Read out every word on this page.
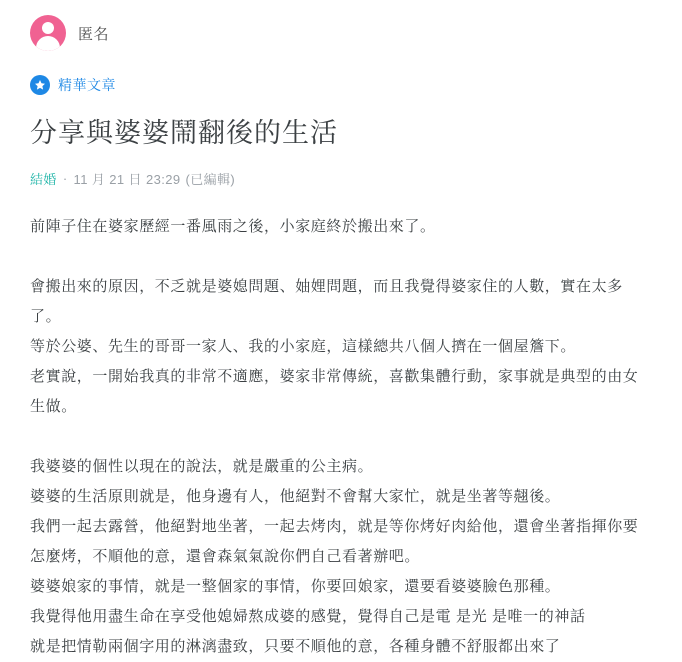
匿名
精華文章
分享與婆婆鬧翻後的生活
結婚 · 11 月 21 日 23:29 (已編輯)

前陣子住在婆家歷經一番風雨之後，小家庭終於搬出來了。

會搬出來的原因，不乏就是婆媳問題、妯娌問題，而且我覺得婆家住的人數，實在太多了。

等於公婆、先生的哥哥一家人、我的小家庭，這樣總共八個人擠在一個屋簷下。

老實說，一開始我真的非常不適應，婆家非常傳統，喜歡集體行動，家事就是典型的由女生做。

我婆婆的個性以現在的說法，就是嚴重的公主病。

婆婆的生活原則就是，他身邊有人，他絕對不會幫大家忙，就是坐著等翹後。

我們一起去露營，他絕對地坐著，一起去烤肉，就是等你烤好肉給他，還會坐著指揮你要怎麼烤，不順他的意，還會森氣氣說你們自己看著辦吧。

婆婆娘家的事情，就是一整個家的事情，你要回娘家，還要看婆婆臉色那種。

我覺得他用盡生命在享受他媳婦熬成婆的感覺，覺得自己是電 是光 是唯一的神話

就是把情勒兩個字用的淋漓盡致，只要不順他的意，各種身體不舒服都出來了
